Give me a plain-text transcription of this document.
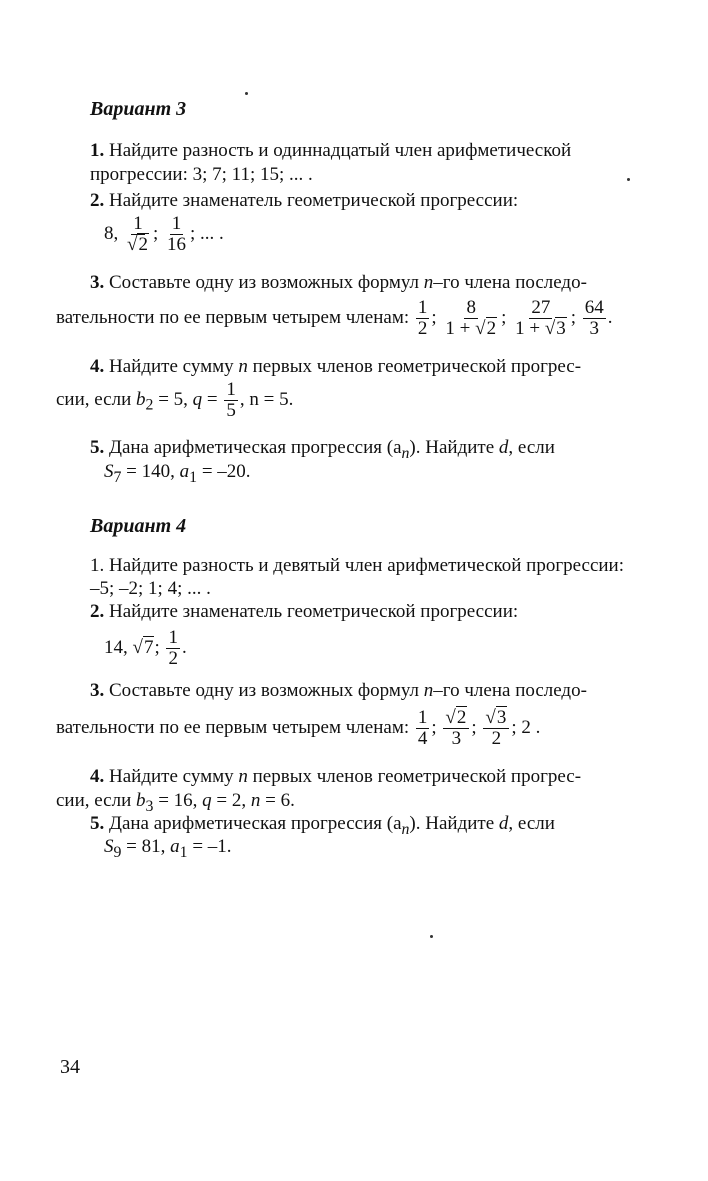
Вариант 3
1. Найдите разность и одиннадцатый член арифметической
прогрессии: 3; 7; 11; 15; ... .
2. Найдите знаменатель геометрической прогрессии:
8, $\frac{1}{√2}$ ; $\frac{1}{16}$ ; ... .
3. Составьте одну из возможных формул n–го члена последо-
вательности по ее первым четырем членам: $\frac{1}{2}$ ; $\frac{8}{1 + √2}$ ; $\frac{27}{1 + √3}$ ; $\frac{64}{3}$ .
4. Найдите сумму n первых членов геометрической прогрес-
сии, если $b_2 = 5$, $q = \frac{1}{5}$ , n = 5.
5. Дана арифметическая прогрессия $(a_n)$. Найдите d, если
$S_7 = 140$, $a_1 = -20$.
Вариант 4
1. Найдите разность и девятый член арифметической прогрессии:
–5; –2; 1; 4; ... .
2. Найдите знаменатель геометрической прогрессии:
14, √7; $\frac{1}{2}$ .
3. Составьте одну из возможных формул n–го члена последо-
вательности по ее первым четырем членам: $\frac{1}{4}$ ; $\frac{√2}{3}$ ; $\frac{√3}{2}$ ; 2 .
4. Найдите сумму n первых членов геометрической прогрес-
сии, если $b_3 = 16$, q = 2, n = 6.
5. Дана арифметическая прогрессия $(a_n)$. Найдите d, если
$S_9 = 81$, $a_1 = -1$.
34
